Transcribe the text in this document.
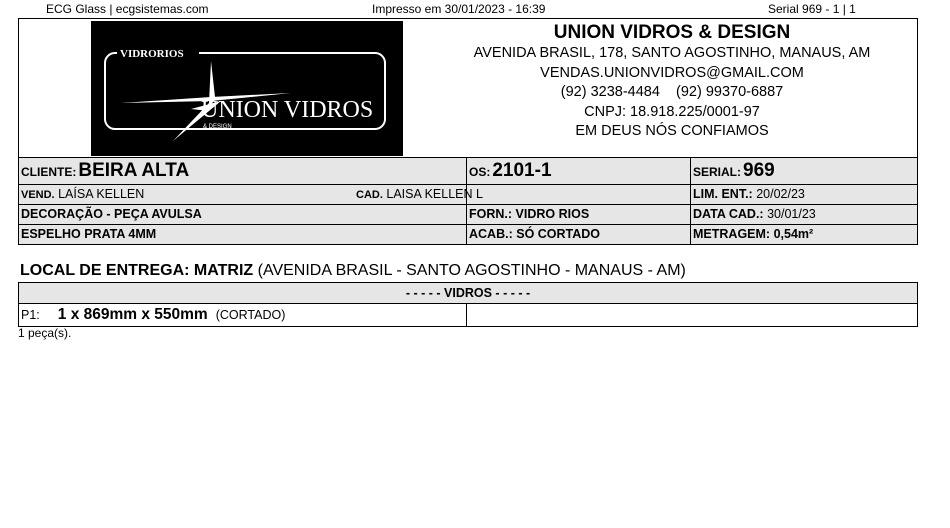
ECG Glass | ecgsistemas.com	Impresso em 30/01/2023 - 16:39	Serial 969 - 1 | 1
VIDRORIOS
UNION VIDROS
& DESIGN
UNION VIDROS & DESIGN
AVENIDA BRASIL, 178, SANTO AGOSTINHO, MANAUS, AM
VENDAS.UNIONVIDROS@GMAIL.COM
(92) 3238-4484    (92) 99370-6887
CNPJ: 18.918.225/0001-97
EM DEUS NÓS CONFIAMOS
CLIENTE: BEIRA ALTA	OS: 2101-1	SERIAL: 969
VEND. LAÍSA KELLEN	CAD. LAISA KELLEN L	LIM. ENT.: 20/02/23
DECORAÇÃO - PEÇA AVULSA	FORN.: VIDRO RIOS	DATA CAD.: 30/01/23
ESPELHO PRATA 4MM	ACAB.: SÓ CORTADO	METRAGEM: 0,54m²
LOCAL DE ENTREGA: MATRIZ (AVENIDA BRASIL - SANTO AGOSTINHO - MANAUS - AM)
- - - - - VIDROS - - - - -
P1: 1 x 869mm x 550mm (CORTADO)
1 peça(s).
